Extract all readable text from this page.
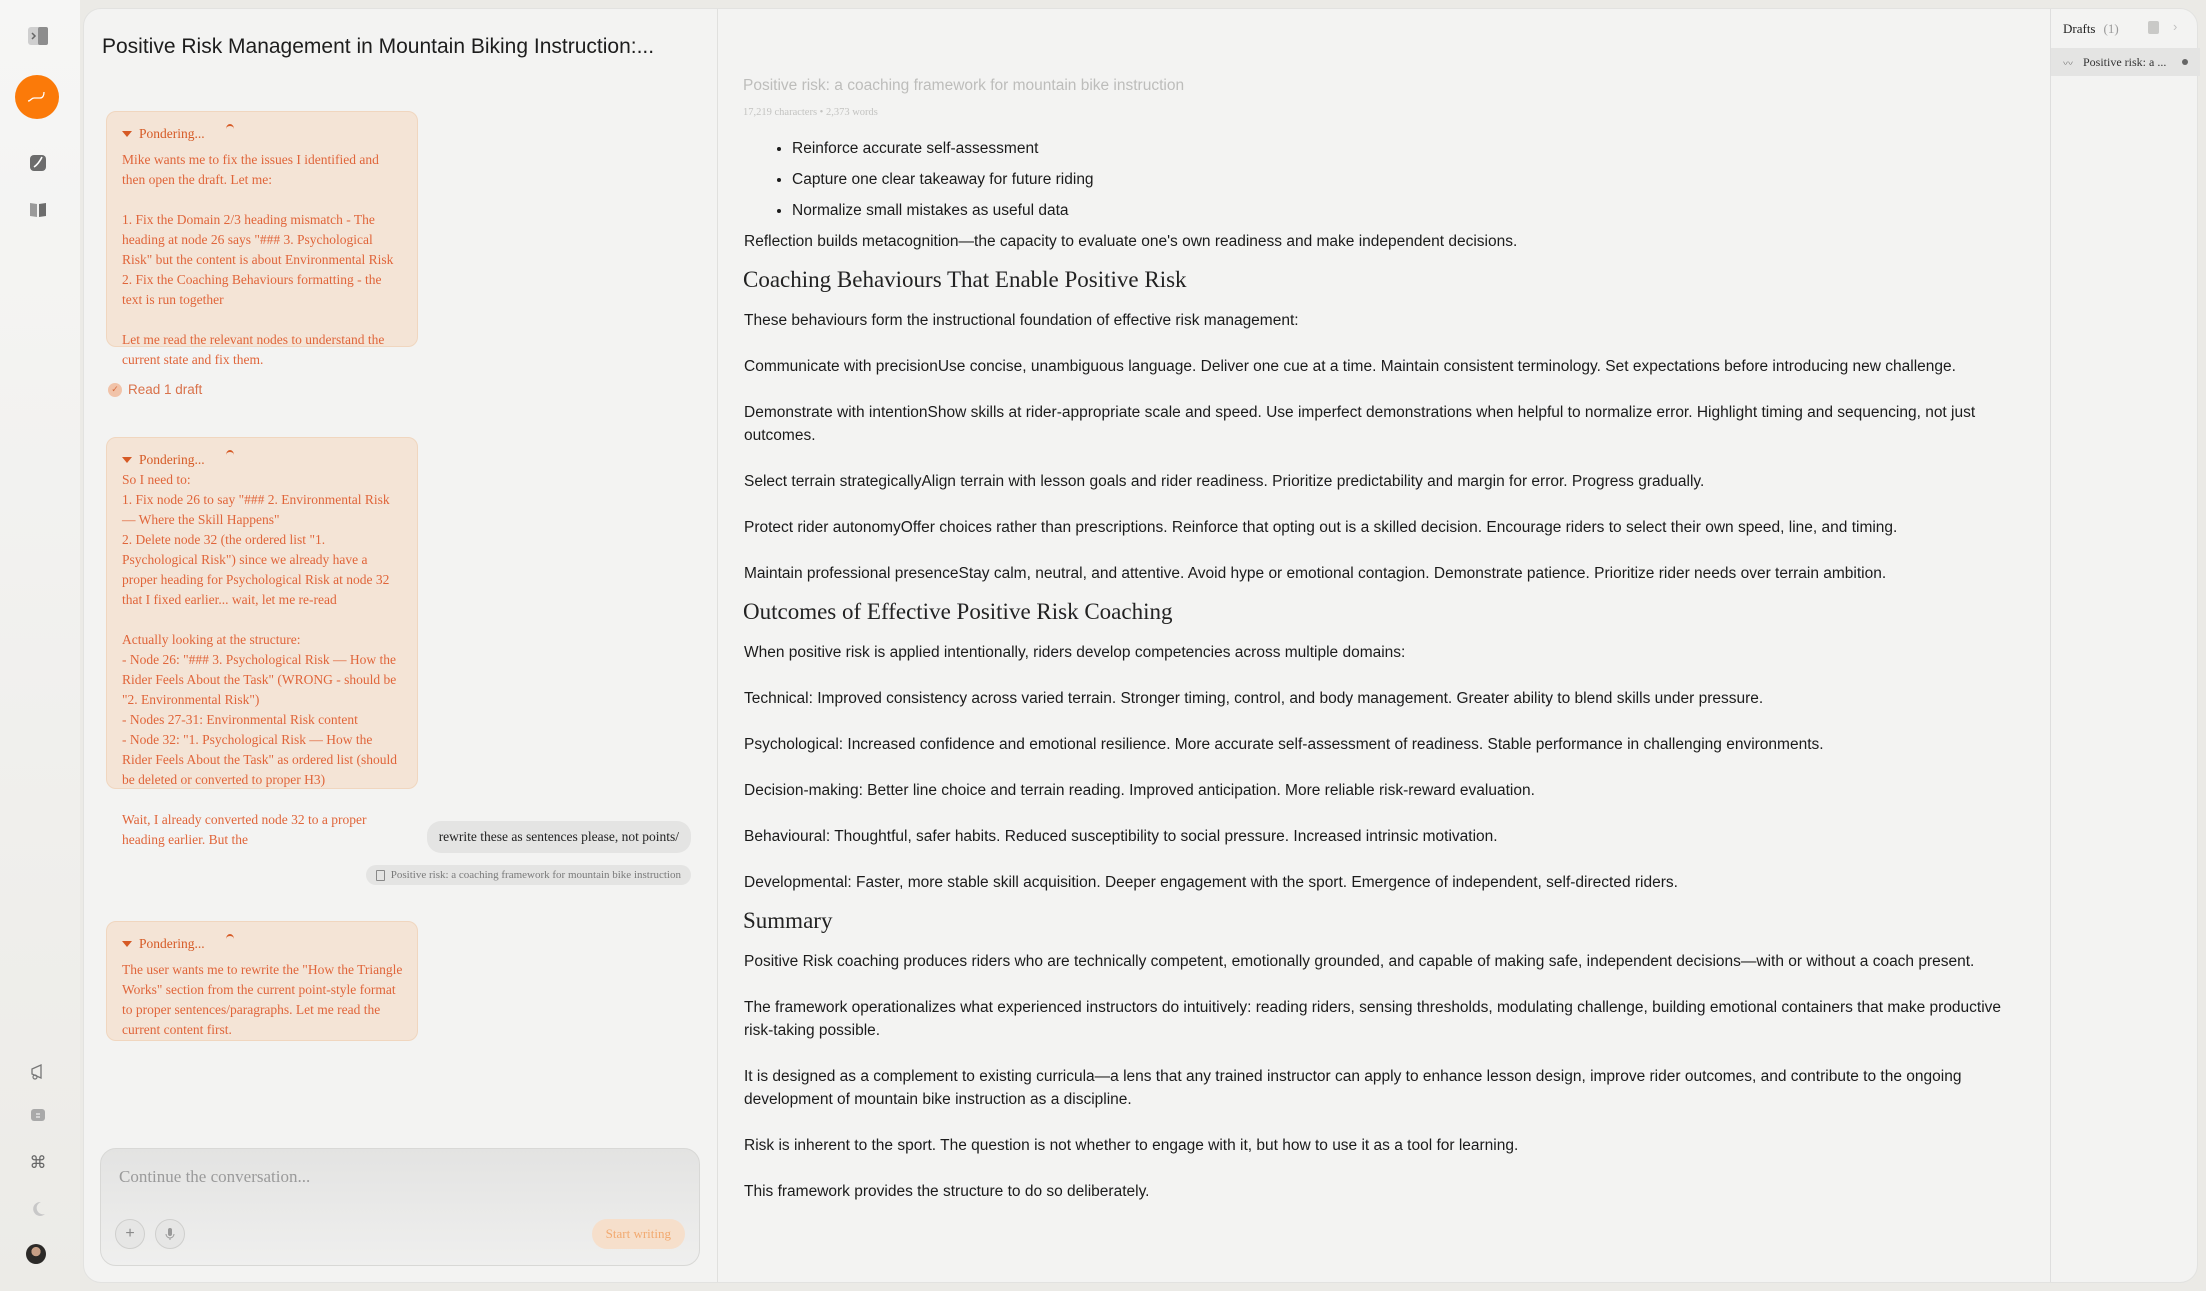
⌘
Positive Risk Management in Mountain Biking Instruction:...
Pondering...
Mike wants me to fix the issues I identified and then open the draft. Let me:

1. Fix the Domain 2/3 heading mismatch - The heading at node 26 says "### 3. Psychological Risk" but the content is about Environmental Risk
2. Fix the Coaching Behaviours formatting - the text is run together

Let me read the relevant nodes to understand the current state and fix them.
✓ Read 1 draft
Pondering...
So I need to:
1. Fix node 26 to say "### 2. Environmental Risk — Where the Skill Happens"
2. Delete node 32 (the ordered list "1. Psychological Risk") since we already have a proper heading for Psychological Risk at node 32 that I fixed earlier... wait, let me re-read

Actually looking at the structure:
- Node 26: "### 3. Psychological Risk — How the Rider Feels About the Task" (WRONG - should be "2. Environmental Risk")
- Nodes 27-31: Environmental Risk content
- Node 32: "1. Psychological Risk — How the Rider Feels About the Task" as ordered list (should be deleted or converted to proper H3)

Wait, I already converted node 32 to a proper heading earlier. But the	rewrite these as sentences please, not points/
Positive risk: a coaching framework for mountain bike instruction
Pondering...
The user wants me to rewrite the "How the Triangle Works" section from the current point-style format to proper sentences/paragraphs. Let me read the current content first.
Continue the conversation...
+	Start writing
Positive risk: a coaching framework for mountain bike instruction
17,219 characters • 2,373 words
• Reinforce accurate self-assessment
• Capture one clear takeaway for future riding
• Normalize small mistakes as useful data

Reflection builds metacognition—the capacity to evaluate one's own readiness and make independent decisions.

Coaching Behaviours That Enable Positive Risk

These behaviours form the instructional foundation of effective risk management:

Communicate with precisionUse concise, unambiguous language. Deliver one cue at a time. Maintain consistent terminology. Set expectations before introducing new challenge.

Demonstrate with intentionShow skills at rider-appropriate scale and speed. Use imperfect demonstrations when helpful to normalize error. Highlight timing and sequencing, not just outcomes.

Select terrain strategicallyAlign terrain with lesson goals and rider readiness. Prioritize predictability and margin for error. Progress gradually.

Protect rider autonomyOffer choices rather than prescriptions. Reinforce that opting out is a skilled decision. Encourage riders to select their own speed, line, and timing.

Maintain professional presenceStay calm, neutral, and attentive. Avoid hype or emotional contagion. Demonstrate patience. Prioritize rider needs over terrain ambition.

Outcomes of Effective Positive Risk Coaching

When positive risk is applied intentionally, riders develop competencies across multiple domains:

Technical: Improved consistency across varied terrain. Stronger timing, control, and body management. Greater ability to blend skills under pressure.

Psychological: Increased confidence and emotional resilience. More accurate self-assessment of readiness. Stable performance in challenging environments.

Decision-making: Better line choice and terrain reading. Improved anticipation. More reliable risk-reward evaluation.

Behavioural: Thoughtful, safer habits. Reduced susceptibility to social pressure. Increased intrinsic motivation.

Developmental: Faster, more stable skill acquisition. Deeper engagement with the sport. Emergence of independent, self-directed riders.

Summary

Positive Risk coaching produces riders who are technically competent, emotionally grounded, and capable of making safe, independent decisions—with or without a coach present.

The framework operationalizes what experienced instructors do intuitively: reading riders, sensing thresholds, modulating challenge, building emotional containers that make productive risk-taking possible.

It is designed as a complement to existing curricula—a lens that any trained instructor can apply to enhance lesson design, improve rider outcomes, and contribute to the ongoing development of mountain bike instruction as a discipline.

Risk is inherent to the sport. The question is not whether to engage with it, but how to use it as a tool for learning.

This framework provides the structure to do so deliberately.

Drafts (1)	›
〰 Positive risk: a ...
